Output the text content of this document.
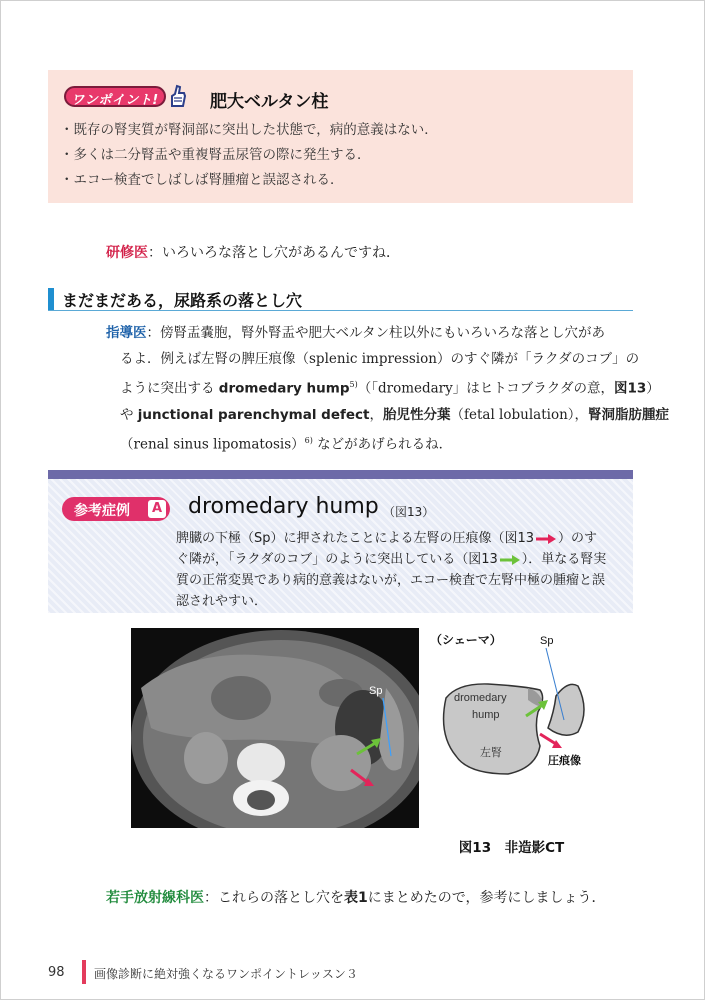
ワンポイント!	肥大ベルタン柱
・既存の腎実質が腎洞部に突出した状態で，病的意義はない．
・多くは二分腎盂や重複腎盂尿管の際に発生する．
・エコー検査でしばしば腎腫瘤と誤認される．
研修医：いろいろな落とし穴があるんですね．
まだまだある，尿路系の落とし穴

指導医：傍腎盂嚢胞，腎外腎盂や肥大ベルタン柱以外にもいろいろな落とし穴があ

るよ．例えば左腎の脾圧痕像（splenic impression）のすぐ隣が「ラクダのコブ」の

ように突出する dromedary hump$^{5)}$（「dromedary」はヒトコブラクダの意，図13）

や junctional parenchymal defect，胎児性分葉（fetal lobulation），腎洞脂肪腫症

（renal sinus lipomatosis）$^{6)}$ などがあげられるね．

参考症例	A dromedary hump （図13）

脾臓の下極（Sp）に押されたことによる左腎の圧痕像（図13 ）のす

ぐ隣が，「ラクダのコブ」のように突出している（図13 ）．単なる腎実

質の正常変異であり病的意義はないが，エコー検査で左腎中極の腫瘤と誤

認されやすい．

Sp
（シェーマ）	Sp
dromedary
hump
左腎
圧痕像
図13　非造影CT
若手放射線科医：これらの落とし穴を表1にまとめたので，参考にしましょう．
98 画像診断に絶対強くなるワンポイントレッスン３
